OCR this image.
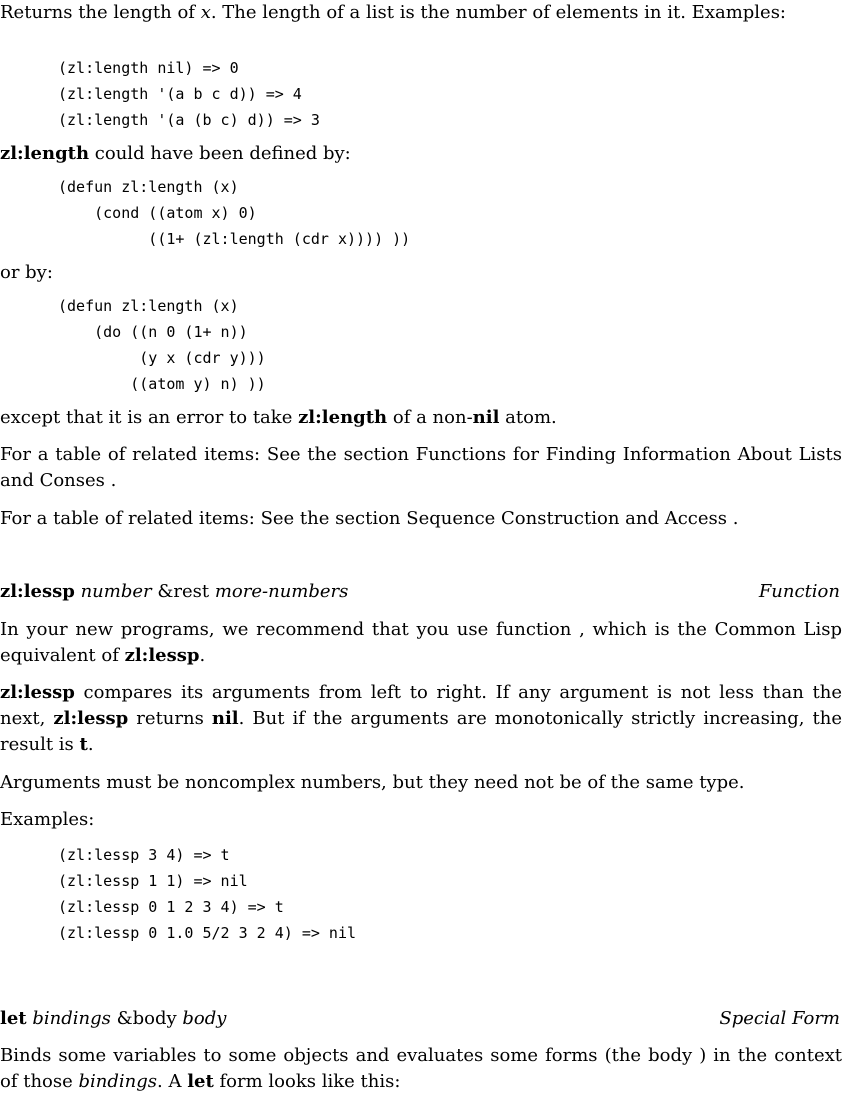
Returns the length of x. The length of a list is the number of elements in it. Examples:

(zl:length nil) => 0
(zl:length '(a b c d)) => 4
(zl:length '(a (b c) d)) => 3

zl:length could have been defined by:

(defun zl:length (x)
(cond ((atom x) 0)
((1+ (zl:length (cdr x)))) ))

or by:

(defun zl:length (x)
(do ((n 0 (1+ n))
(y x (cdr y)))
((atom y) n) ))

except that it is an error to take zl:length of a non-nil atom.

For a table of related items: See the section Functions for Finding Information About Lists and Conses .

For a table of related items: See the section Sequence Construction and Access .

zl:lessp number &rest more-numbers	Function

In your new programs, we recommend that you use function , which is the Common Lisp equivalent of zl:lessp.

zl:lessp compares its arguments from left to right. If any argument is not less than the next, zl:lessp returns nil. But if the arguments are monotonically strictly increasing, the result is t.

Arguments must be noncomplex numbers, but they need not be of the same type.

Examples:

(zl:lessp 3 4) => t
(zl:lessp 1 1) => nil
(zl:lessp 0 1 2 3 4) => t
(zl:lessp 0 1.0 5/2 3 2 4) => nil
let bindings &body body	Special Form

Binds some variables to some objects and evaluates some forms (the body ) in the context of those bindings. A let form looks like this:
